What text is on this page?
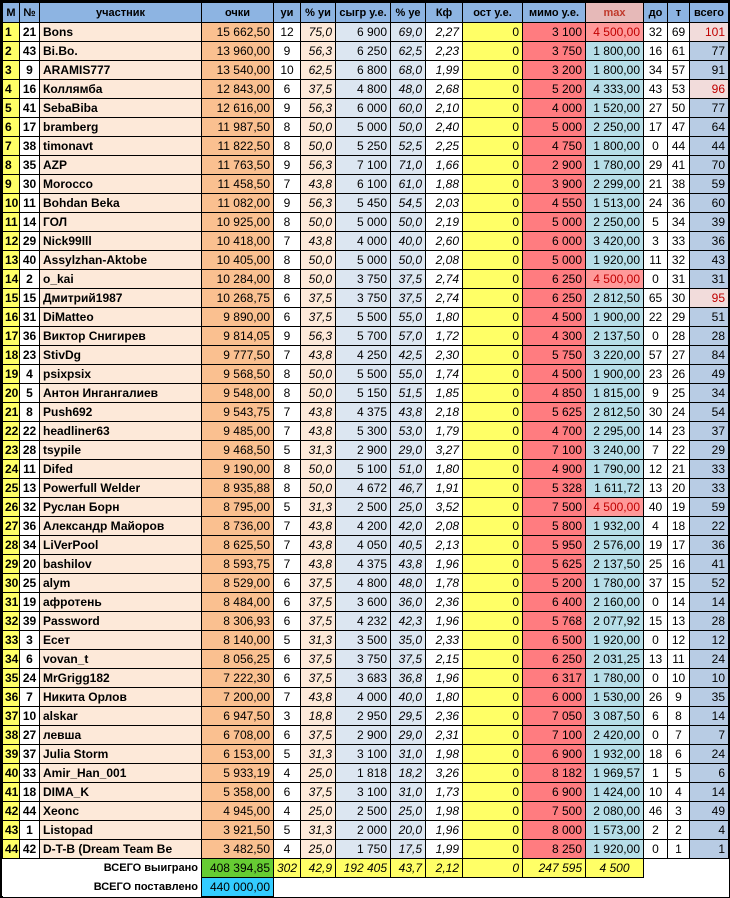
М	№	участник	очки	уи	% уи	сыгр у.е.	% уе	Кф	ост у.е.	мимо у.е.	max	до	т	всего
1	21	Bons	15 662,50	12	75,0	6 900	69,0	2,27	0	3 100	4 500,00	32	69	101
2	43	Bi.Bo.	13 960,00	9	56,3	6 250	62,5	2,23	0	3 750	1 800,00	16	61	77
3	9	ARAMIS777	13 540,00	10	62,5	6 800	68,0	1,99	0	3 200	1 800,00	34	57	91
4	16	Коллямба	12 843,00	6	37,5	4 800	48,0	2,68	0	5 200	4 333,00	43	53	96
5	41	SebaBiba	12 616,00	9	56,3	6 000	60,0	2,10	0	4 000	1 520,00	27	50	77
6	17	bramberg	11 987,50	8	50,0	5 000	50,0	2,40	0	5 000	2 250,00	17	47	64
7	38	timonavt	11 822,50	8	50,0	5 250	52,5	2,25	0	4 750	1 800,00	0	44	44
8	35	AZP	11 763,50	9	56,3	7 100	71,0	1,66	0	2 900	1 780,00	29	41	70
9	30	Morocco	11 458,50	7	43,8	6 100	61,0	1,88	0	3 900	2 299,00	21	38	59
10	11	Bohdan Beka	11 082,00	9	56,3	5 450	54,5	2,03	0	4 550	1 513,00	24	36	60
11	14	ГОЛ	10 925,00	8	50,0	5 000	50,0	2,19	0	5 000	2 250,00	5	34	39
12	29	Nick99lll	10 418,00	7	43,8	4 000	40,0	2,60	0	6 000	3 420,00	3	33	36
13	40	Assylzhan-Aktobe	10 405,00	8	50,0	5 000	50,0	2,08	0	5 000	1 920,00	11	32	43
14	2	o_kai	10 284,00	8	50,0	3 750	37,5	2,74	0	6 250	4 500,00	0	31	31
15	15	Дмитрий1987	10 268,75	6	37,5	3 750	37,5	2,74	0	6 250	2 812,50	65	30	95
16	31	DiMatteo	9 890,00	6	37,5	5 500	55,0	1,80	0	4 500	1 900,00	22	29	51
17	36	Виктор Снигирев	9 814,05	9	56,3	5 700	57,0	1,72	0	4 300	2 137,50	0	28	28
18	23	StivDg	9 777,50	7	43,8	4 250	42,5	2,30	0	5 750	3 220,00	57	27	84
19	4	psixpsix	9 568,50	8	50,0	5 500	55,0	1,74	0	4 500	1 900,00	23	26	49
20	5	Антон Ингангалиев	9 548,00	8	50,0	5 150	51,5	1,85	0	4 850	1 815,00	9	25	34
21	8	Push692	9 543,75	7	43,8	4 375	43,8	2,18	0	5 625	2 812,50	30	24	54
22	22	headliner63	9 485,00	7	43,8	5 300	53,0	1,79	0	4 700	2 295,00	14	23	37
23	28	tsypile	9 468,50	5	31,3	2 900	29,0	3,27	0	7 100	3 240,00	7	22	29
24	11	Difed	9 190,00	8	50,0	5 100	51,0	1,80	0	4 900	1 790,00	12	21	33
25	13	Powerfull Welder	8 935,88	8	50,0	4 672	46,7	1,91	0	5 328	1 611,72	13	20	33
26	32	Руслан Борн	8 795,00	5	31,3	2 500	25,0	3,52	0	7 500	4 500,00	40	19	59
27	36	Александр Майоров	8 736,00	7	43,8	4 200	42,0	2,08	0	5 800	1 932,00	4	18	22
28	34	LiVerPool	8 625,50	7	43,8	4 050	40,5	2,13	0	5 950	2 576,00	19	17	36
29	20	bashilov	8 593,75	7	43,8	4 375	43,8	1,96	0	5 625	2 137,50	25	16	41
30	25	alym	8 529,00	6	37,5	4 800	48,0	1,78	0	5 200	1 780,00	37	15	52
31	19	афротень	8 484,00	6	37,5	3 600	36,0	2,36	0	6 400	2 160,00	0	14	14
32	39	Password	8 306,93	6	37,5	4 232	42,3	1,96	0	5 768	2 077,92	15	13	28
33	3	Есет	8 140,00	5	31,3	3 500	35,0	2,33	0	6 500	1 920,00	0	12	12
34	6	vovan_t	8 056,25	6	37,5	3 750	37,5	2,15	0	6 250	2 031,25	13	11	24
35	24	MrGrigg182	7 222,30	6	37,5	3 683	36,8	1,96	0	6 317	1 780,00	0	10	10
36	7	Никита Орлов	7 200,00	7	43,8	4 000	40,0	1,80	0	6 000	1 530,00	26	9	35
37	10	alskar	6 947,50	3	18,8	2 950	29,5	2,36	0	7 050	3 087,50	6	8	14
38	27	левша	6 708,00	6	37,5	2 900	29,0	2,31	0	7 100	2 420,00	0	7	7
39	37	Julia Storm	6 153,00	5	31,3	3 100	31,0	1,98	0	6 900	1 932,00	18	6	24
40	33	Amir_Han_001	5 933,19	4	25,0	1 818	18,2	3,26	0	8 182	1 969,57	1	5	6
41	18	DIMA_K	5 358,00	6	37,5	3 100	31,0	1,73	0	6 900	1 424,00	10	4	14
42	44	Xeonc	4 945,00	4	25,0	2 500	25,0	1,98	0	7 500	2 080,00	46	3	49
43	1	Listopad	3 921,50	5	31,3	2 000	20,0	1,96	0	8 000	1 573,00	2	2	4
44	42	D-T-B (Dream Team Be	3 482,50	4	25,0	1 750	17,5	1,99	0	8 250	1 920,00	0	1	1
ВСЕГО выиграно			408 394,85	302	42,9	192 405	43,7	2,12	0	247 595	4 500			
ВСЕГО поставлено			440 000,00											
